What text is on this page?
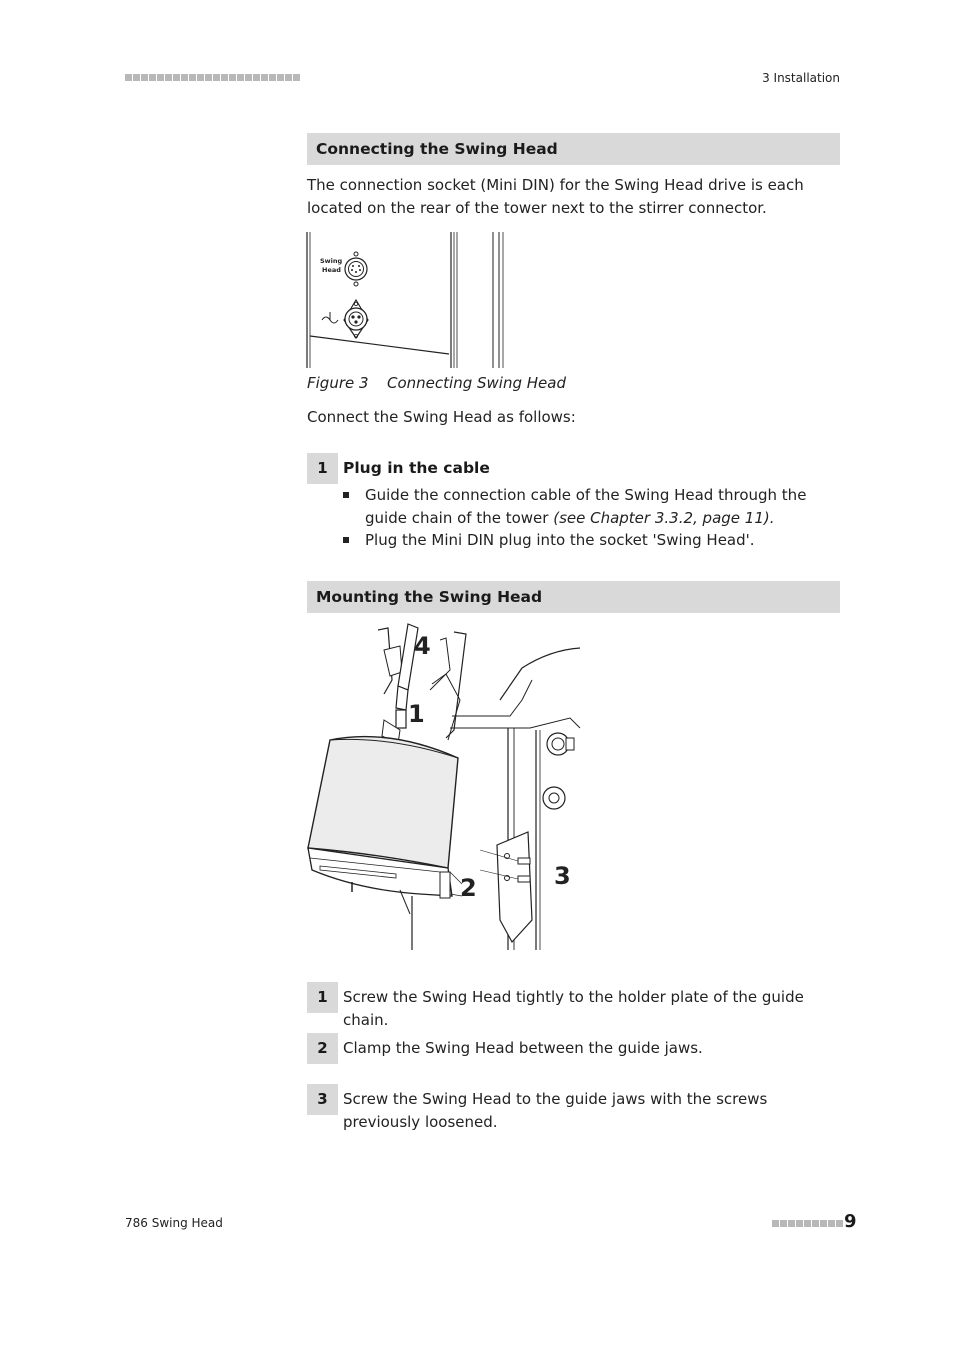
3 Installation
Connecting the Swing Head
The connection socket (Mini DIN) for the Swing Head drive is each located on the rear of the tower next to the stirrer connector.
Swing
Head
Figure 3 Connecting Swing Head
Connect the Swing Head as follows:
1 Plug in the cable
Guide the connection cable of the Swing Head through the guide chain of the tower (see Chapter 3.3.2, page 11).
Plug the Mini DIN plug into the socket 'Swing Head'.
Mounting the Swing Head
4
1
2	3
1	Screw the Swing Head tightly to the holder plate of the guide chain.
2	Clamp the Swing Head between the guide jaws.
3	Screw the Swing Head to the guide jaws with the screws previously loosened.
786 Swing Head	9
